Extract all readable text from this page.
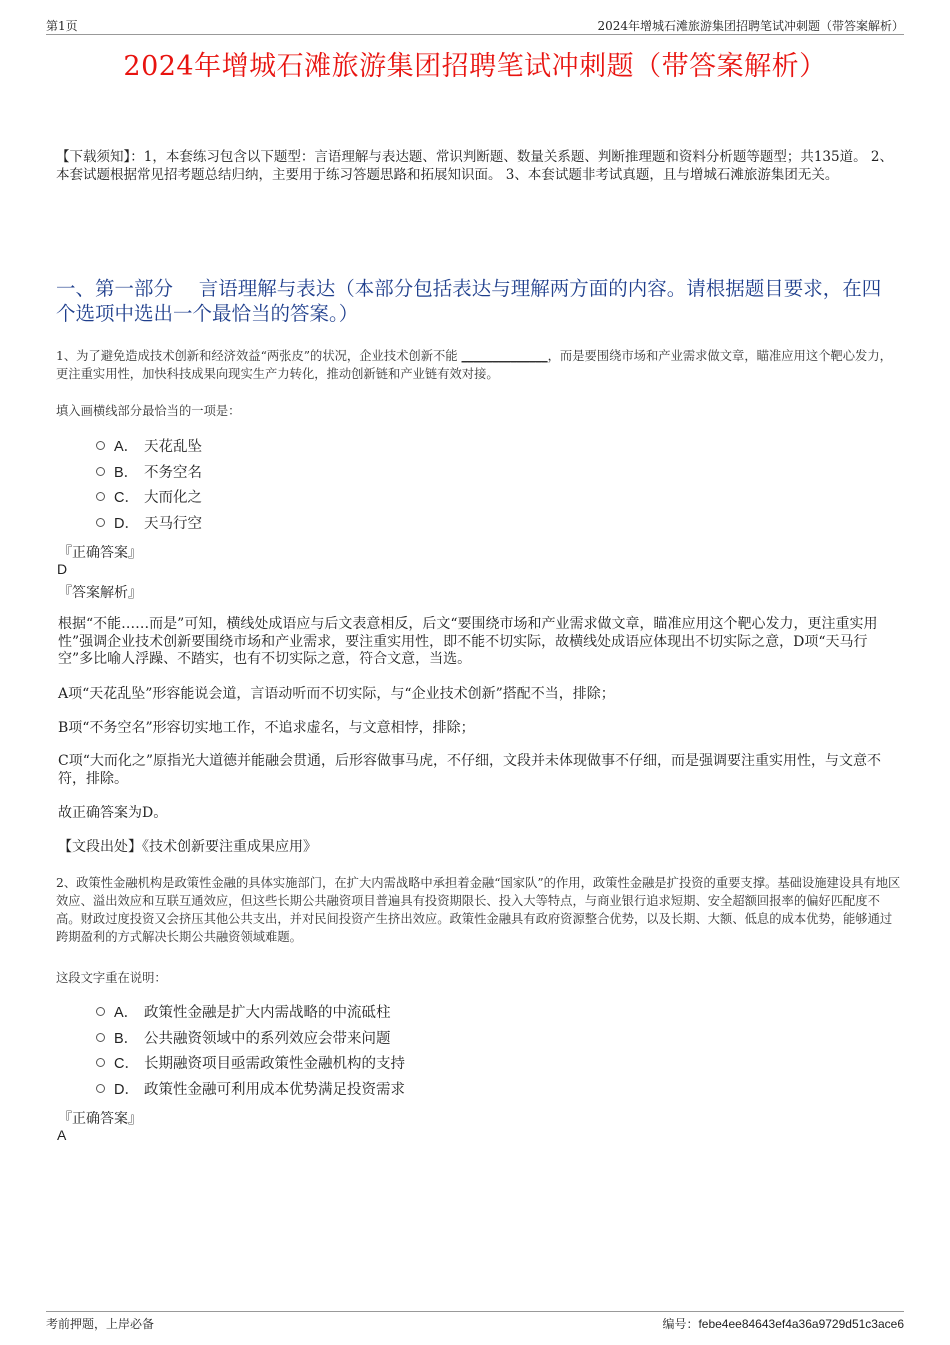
第1页	2024年增城石滩旅游集团招聘笔试冲刺题（带答案解析）
2024年增城石滩旅游集团招聘笔试冲刺题（带答案解析）
【下载须知】：1，本套练习包含以下题型：言语理解与表达题、常识判断题、数量关系题、判断推理题和资料分析题等题型；共135道。 2、本套试题根据常见招考题总结归纳，主要用于练习答题思路和拓展知识面。 3、本套试题非考试真题，且与增城石滩旅游集团无关。
一、第一部分　 言语理解与表达（本部分包括表达与理解两方面的内容。请根据题目要求，在四个选项中选出一个最恰当的答案。）
1、为了避免造成技术创新和经济效益“两张皮”的状况，企业技术创新不能 ______________，而是要围绕市场和产业需求做文章，瞄准应用这个靶心发力，更注重实用性，加快科技成果向现实生产力转化，推动创新链和产业链有效对接。
填入画横线部分最恰当的一项是：
A． 天花乱坠
B． 不务空名
C． 大而化之
D． 天马行空
『正确答案』
D
『答案解析』

根据“不能……而是”可知，横线处成语应与后文表意相反，后文“要围绕市场和产业需求做文章，瞄准应用这个靶心发力，更注重实用性”强调企业技术创新要围绕市场和产业需求，要注重实用性，即不能不切实际，故横线处成语应体现出不切实际之意，D项“天马行空”多比喻人浮躁、不踏实，也有不切实际之意，符合文意，当选。

A项“天花乱坠”形容能说会道，言语动听而不切实际，与“企业技术创新”搭配不当，排除；

B项“不务空名”形容切实地工作，不追求虚名，与文意相悖，排除；

C项“大而化之”原指光大道德并能融会贯通，后形容做事马虎，不仔细，文段并未体现做事不仔细，而是强调要注重实用性，与文意不符，排除。

故正确答案为D。

【文段出处】《技术创新要注重成果应用》

2、政策性金融机构是政策性金融的具体实施部门，在扩大内需战略中承担着金融“国家队”的作用，政策性金融是扩投资的重要支撑。基础设施建设具有地区效应、溢出效应和互联互通效应，但这些长期公共融资项目普遍具有投资期限长、投入大等特点，与商业银行追求短期、安全超额回报率的偏好匹配度不高。财政过度投资又会挤压其他公共支出，并对民间投资产生挤出效应。政策性金融具有政府资源整合优势，以及长期、大额、低息的成本优势，能够通过跨期盈利的方式解决长期公共融资领域难题。
这段文字重在说明：
A． 政策性金融是扩大内需战略的中流砥柱
B． 公共融资领域中的系列效应会带来问题
C． 长期融资项目亟需政策性金融机构的支持
D． 政策性金融可利用成本优势满足投资需求
『正确答案』
A
考前押题，上岸必备	编号：febe4ee84643ef4a36a9729d51c3ace6
